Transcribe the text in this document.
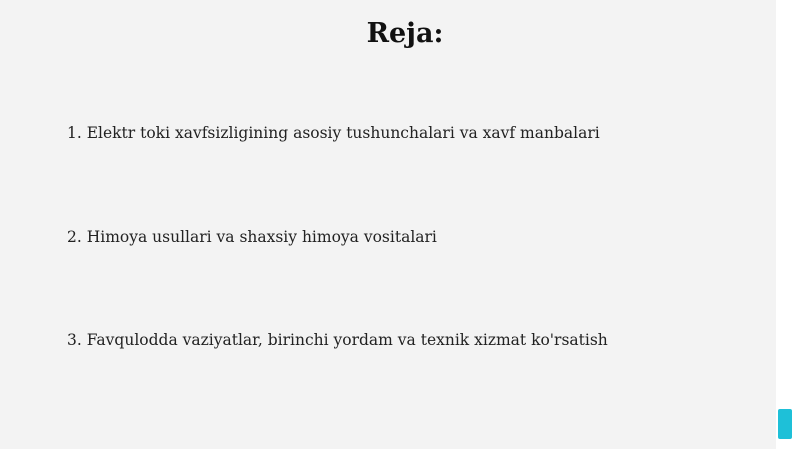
Reja:
1. Elektr toki xavfsizligining asosiy tushunchalari va xavf manbalari
2. Himoya usullari va shaxsiy himoya vositalari
3. Favqulodda vaziyatlar, birinchi yordam va texnik xizmat ko'rsatish
